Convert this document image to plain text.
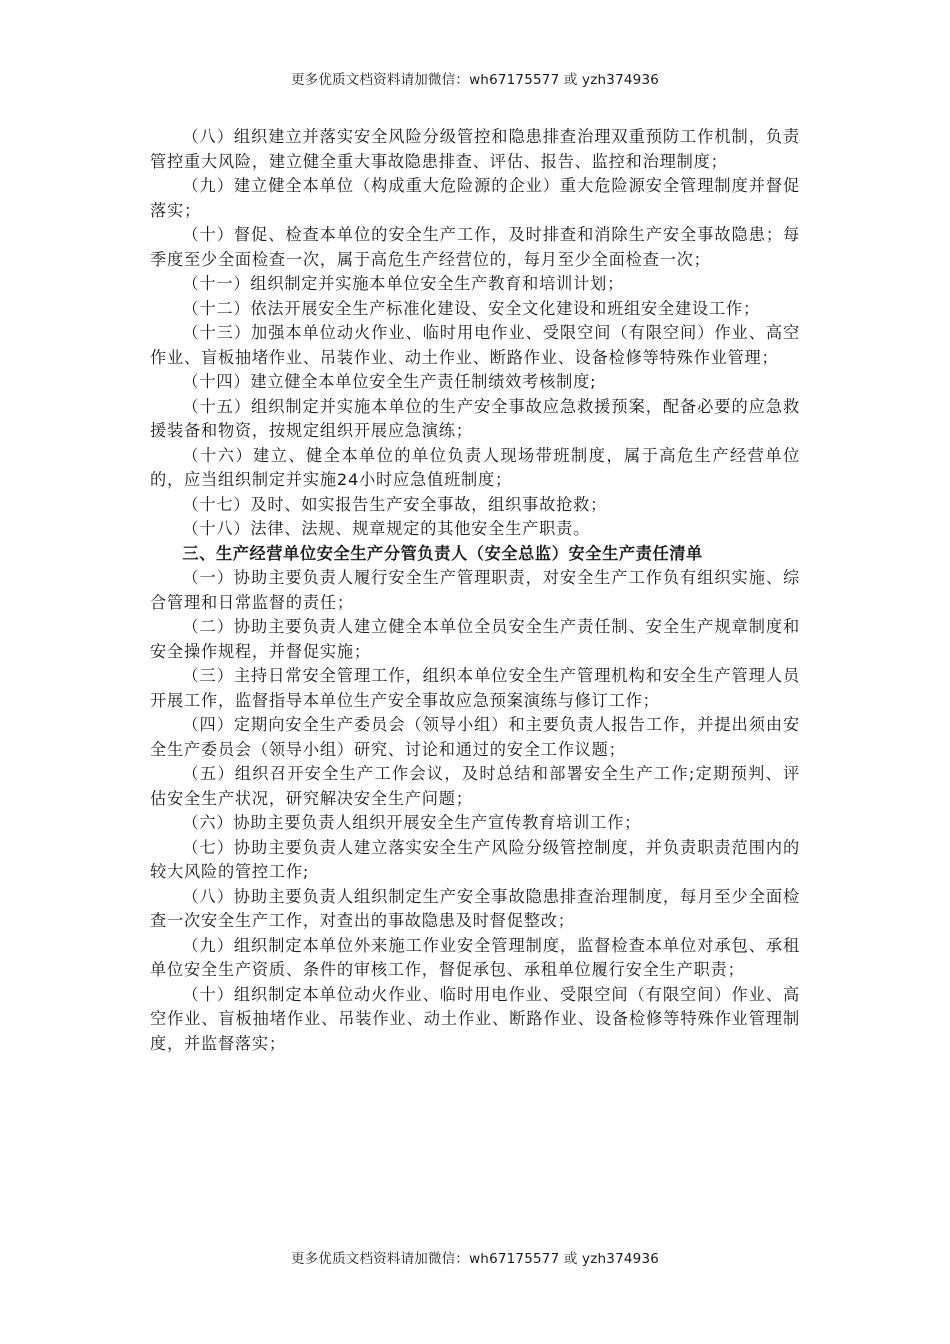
更多优质文档资料请加微信：wh67175577 或 yzh374936

（八）组织建立并落实安全风险分级管控和隐患排查治理双重预防工作机制，负责管控重大风险，建立健全重大事故隐患排查、评估、报告、监控和治理制度；

（九）建立健全本单位（构成重大危险源的企业）重大危险源安全管理制度并督促落实；

（十）督促、检查本单位的安全生产工作，及时排查和消除生产安全事故隐患；每季度至少全面检查一次，属于高危生产经营位的，每月至少全面检查一次；

（十一）组织制定并实施本单位安全生产教育和培训计划；

（十二）依法开展安全生产标准化建设、安全文化建设和班组安全建设工作；

（十三）加强本单位动火作业、临时用电作业、受限空间（有限空间）作业、高空作业、盲板抽堵作业、吊装作业、动土作业、断路作业、设备检修等特殊作业管理；

（十四）建立健全本单位安全生产责任制绩效考核制度;

（十五）组织制定并实施本单位的生产安全事故应急救援预案，配备必要的应急救援装备和物资，按规定组织开展应急演练；

（十六）建立、健全本单位的单位负责人现场带班制度，属于高危生产经营单位的，应当组织制定并实施24小时应急值班制度；

（十七）及时、如实报告生产安全事故，组织事故抢救；

（十八）法律、法规、规章规定的其他安全生产职责。

三、生产经营单位安全生产分管负责人（安全总监）安全生产责任清单

（一）协助主要负责人履行安全生产管理职责，对安全生产工作负有组织实施、综合管理和日常监督的责任；

（二）协助主要负责人建立健全本单位全员安全生产责任制、安全生产规章制度和安全操作规程，并督促实施；

（三）主持日常安全管理工作，组织本单位安全生产管理机构和安全生产管理人员开展工作，监督指导本单位生产安全事故应急预案演练与修订工作；

（四）定期向安全生产委员会（领导小组）和主要负责人报告工作，并提出须由安全生产委员会（领导小组）研究、讨论和通过的安全工作议题；

（五）组织召开安全生产工作会议，及时总结和部署安全生产工作;定期预判、评估安全生产状况，研究解决安全生产问题；

（六）协助主要负责人组织开展安全生产宣传教育培训工作；

（七）协助主要负责人建立落实安全生产风险分级管控制度，并负责职责范围内的较大风险的管控工作;

（八）协助主要负责人组织制定生产安全事故隐患排查治理制度，每月至少全面检查一次安全生产工作，对查出的事故隐患及时督促整改；

（九）组织制定本单位外来施工作业安全管理制度，监督检查本单位对承包、承租单位安全生产资质、条件的审核工作，督促承包、承租单位履行安全生产职责；

（十）组织制定本单位动火作业、临时用电作业、受限空间（有限空间）作业、高空作业、盲板抽堵作业、吊装作业、动土作业、断路作业、设备检修等特殊作业管理制度，并监督落实；

更多优质文档资料请加微信：wh67175577 或 yzh374936
